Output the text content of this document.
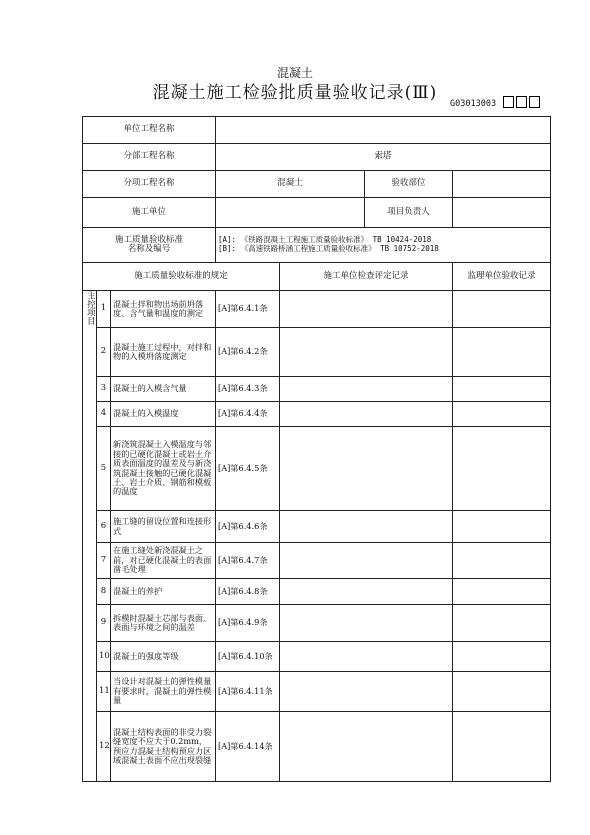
混凝土
混凝土施工检验批质量验收记录(Ⅲ)
G03013003
单位工程名称						
分部工程名称			索塔			
分项工程名称			混凝土		验收部位	
施工单位					项目负责人	
施工质量验收标准
名称及编号			[A]: 《铁路混凝土工程施工质量验收标准》 TB 10424-2018
[B]: 《高速铁路桥涵工程施工质量验收标准》 TB 10752-2018			
施工质量验收标准的规定				施工单位检查评定记录		监理单位验收记录
主控项目	1	混凝土拌和物出场前坍落度、含气量和温度的测定	[A]第6.4.1条			
	2	混凝土施工过程中，对拌和物的入模坍落度测定	[A]第6.4.2条			
	3	混凝土的入模含气量	[A]第6.4.3条			
	4	混凝土的入模温度	[A]第6.4.4条			
	5	新浇筑混凝土入模温度与邻接的已硬化混凝土或岩土介质表面温度的温差及与新浇筑混凝土接触的已硬化混凝土、岩土介质、钢筋和模板的温度	[A]第6.4.5条			
	6	施工缝的留设位置和连接形式	[A]第6.4.6条			
	7	在施工缝处新浇混凝土之前，对已硬化混凝土的表面凿毛处理	[A]第6.4.7条			
	8	混凝土的养护	[A]第6.4.8条			
	9	拆模时混凝土芯部与表面、表面与环境之间的温差	[A]第6.4.9条			
	10	混凝土的强度等级	[A]第6.4.10条			
	11	当设计对混凝土的弹性模量有要求时，混凝土的弹性模量	[A]第6.4.11条			
	12	混凝土结构表面的非受力裂缝宽度不应大于0.2mm，预应力混凝土结构预应力区域混凝土表面不应出现裂缝	[A]第6.4.14条			
